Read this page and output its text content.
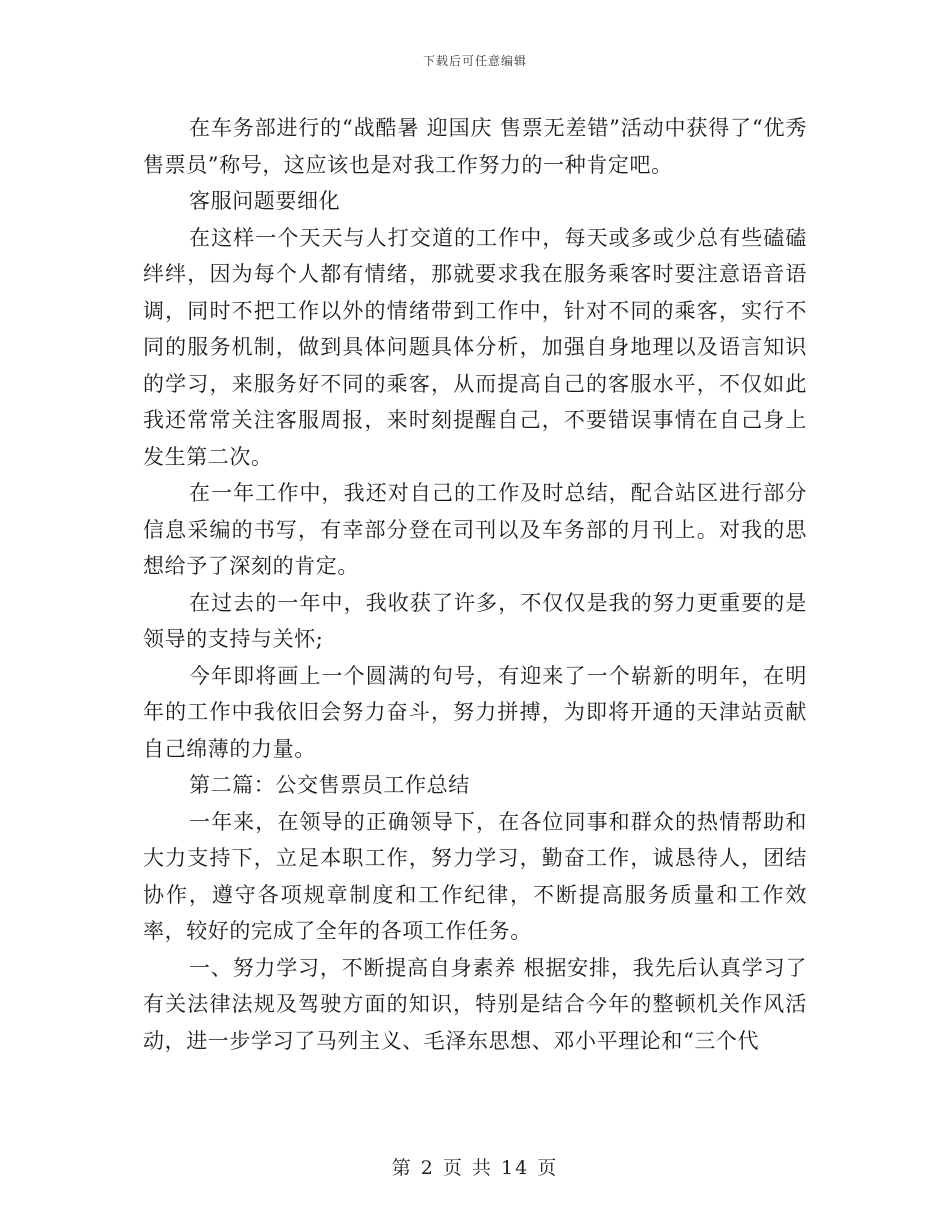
下载后可任意编辑

在车务部进行的“战酷暑 迎国庆 售票无差错”活动中获得了“优秀售票员”称号，这应该也是对我工作努力的一种肯定吧。

客服问题要细化

在这样一个天天与人打交道的工作中，每天或多或少总有些磕磕绊绊，因为每个人都有情绪，那就要求我在服务乘客时要注意语音语调，同时不把工作以外的情绪带到工作中，针对不同的乘客，实行不同的服务机制，做到具体问题具体分析，加强自身地理以及语言知识的学习，来服务好不同的乘客，从而提高自己的客服水平，不仅如此我还常常关注客服周报，来时刻提醒自己，不要错误事情在自己身上发生第二次。

在一年工作中，我还对自己的工作及时总结，配合站区进行部分信息采编的书写，有幸部分登在司刊以及车务部的月刊上。对我的思想给予了深刻的肯定。

在过去的一年中，我收获了许多，不仅仅是我的努力更重要的是领导的支持与关怀;

今年即将画上一个圆满的句号，有迎来了一个崭新的明年，在明年的工作中我依旧会努力奋斗，努力拼搏，为即将开通的天津站贡献自己绵薄的力量。

第二篇：公交售票员工作总结

一年来，在领导的正确领导下，在各位同事和群众的热情帮助和大力支持下，立足本职工作，努力学习，勤奋工作，诚恳待人，团结协作，遵守各项规章制度和工作纪律，不断提高服务质量和工作效率，较好的完成了全年的各项工作任务。

一、努力学习，不断提高自身素养 根据安排，我先后认真学习了有关法律法规及驾驶方面的知识，特别是结合今年的整顿机关作风活动，进一步学习了马列主义、毛泽东思想、邓小平理论和“三个代

第 2 页 共 14 页
